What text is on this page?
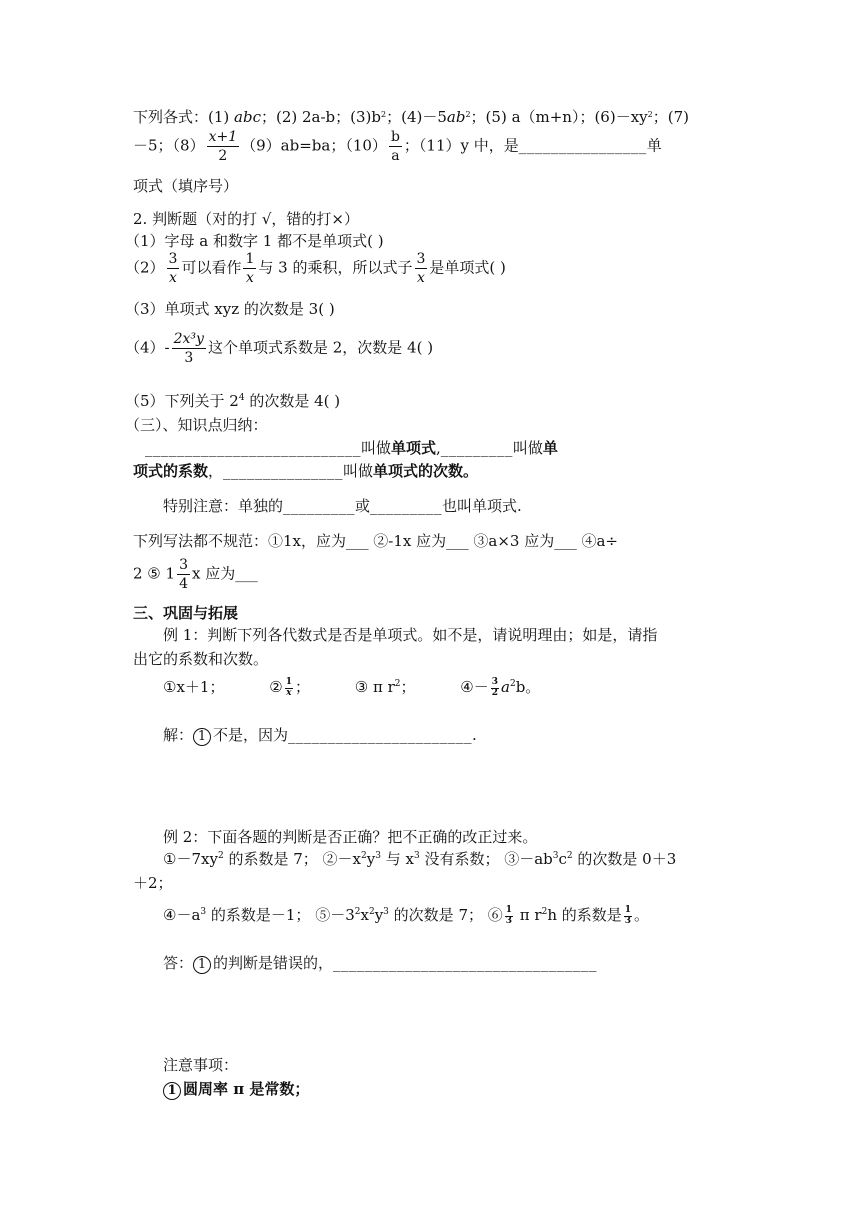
下列各式：(1) abc；(2) 2a-b；$(3)b^2$；$(4)-5ab^2$；(5) a（m+n）；$(6)-xy^2$；(7)
－5；$(8) \frac{x+1}{2} (9)ab=ba$；$(10) \frac{b}{a}$ ；（11）y 中，是________________单
项式（填序号）
2. 判断题（对的打 √，错的打×）
（1）字母 a 和数字 1 都不是单项式( )
$(2) \frac{3}{x}$ 可以看作 $\frac{1}{x}$ 与 3 的乘积，所以式子 $\frac{3}{x}$ 是单项式( )
（3）单项式 xyz 的次数是 3( )
$(4)- \frac{\text{2x³y}}{3}$ 这个单项式系数是 2，次数是 4( )
（5）下列关于 $2^4$ 的次数是 4( )
（三）、知识点归纳：
___________________________叫做单项式,_________叫做单
项式的系数，_______________叫做单项式的次数。
特别注意：单独的_________或_________也叫单项式.
下列写法都不规范：①1x，应为___ ②-1x 应为___ ③a×3 应为___ ④a÷
2 ⑤ $1 \frac{3}{4}$ x 应为___
三、巩固与拓展
例 1：判断下列各代数式是否是单项式。如不是，请说明理由；如是，请指
出它的系数和次数。
①x＋1；	② $\frac{1}{x}$ ；	③ π $r^2$；	④－ $\frac{3}{2} a^2b$。
解： 1 不是，因为_______________________.
例 2：下面各题的判断是否正确？把不正确的改正过来。
$①-7xy^2$ 的系数是 7； $②-x^2y^3$ 与 $x^3$ 没有系数； $③-ab^3c^2$ 的次数是 0＋3
＋2；
$④-a^3$ 的系数是－1； $⑤-3^2x^2y^3$ 的次数是 7； ⑥ $\frac{1}{3}$ π $r^2h$ 的系数是 $\frac{1}{3}$ 。
答： 1 的判断是错误的，_________________________________
注意事项：
1 圆周率 π 是常数；
